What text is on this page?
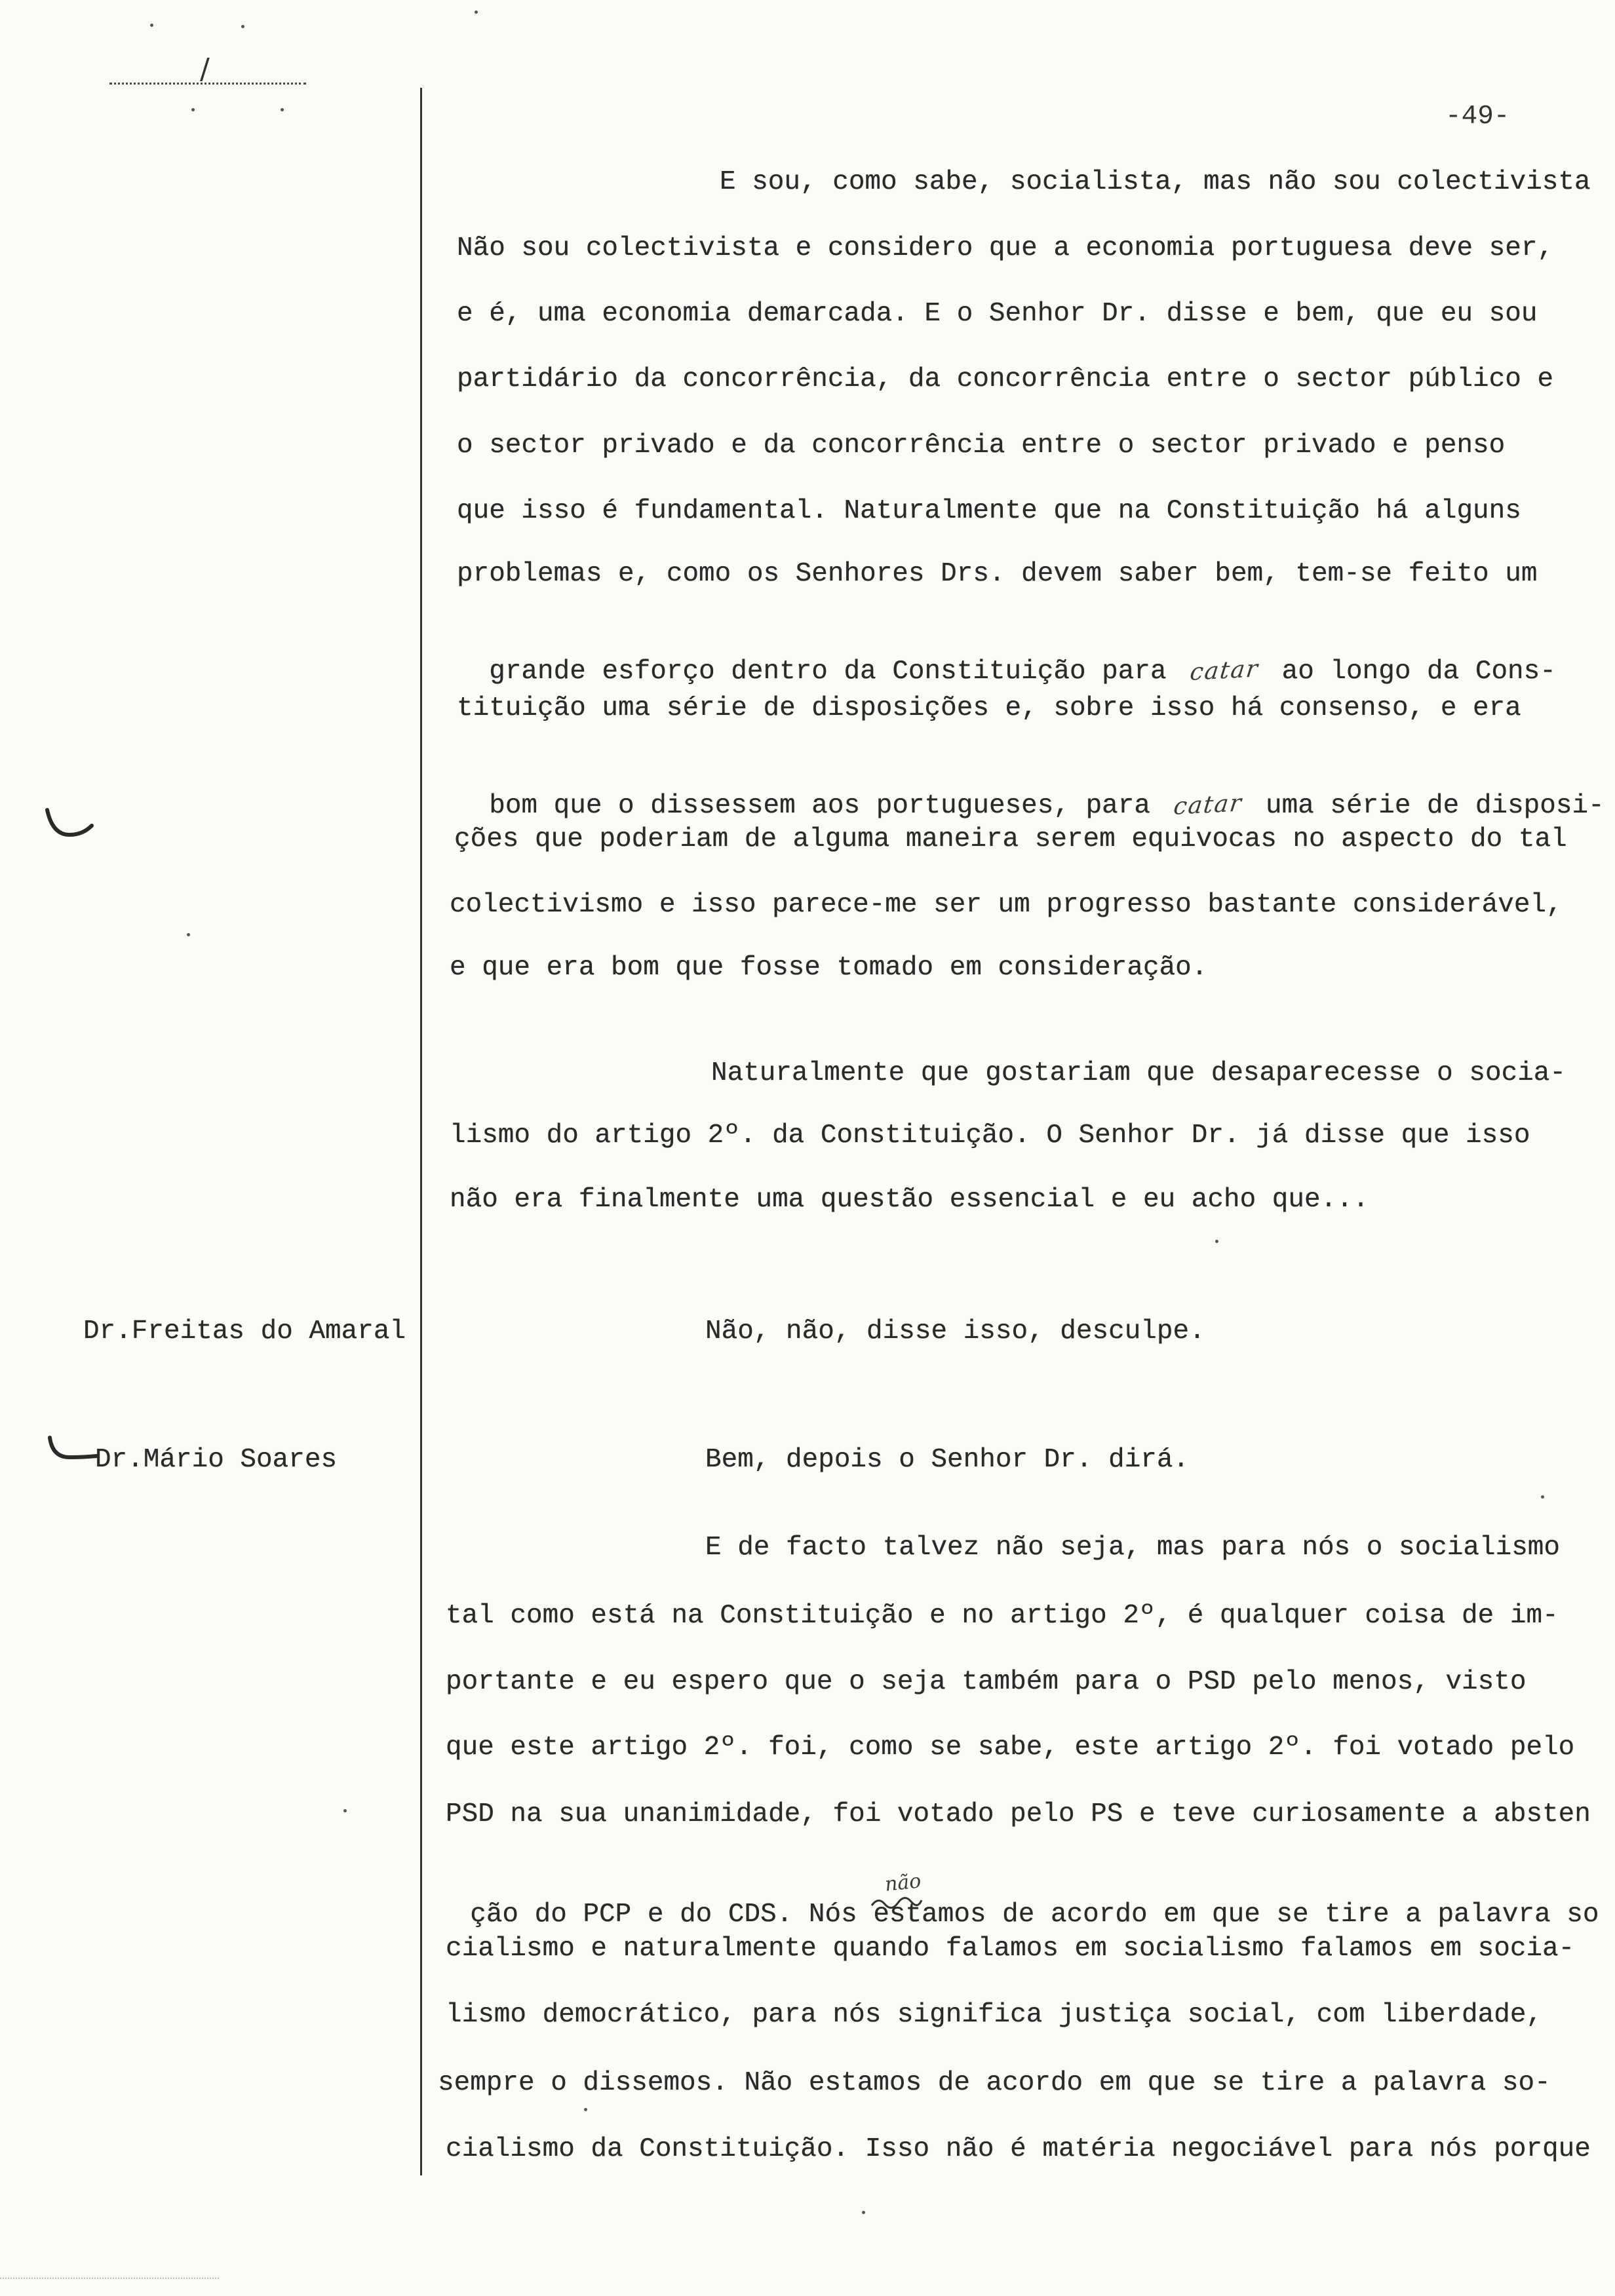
/
-49-
Dr.Freitas do Amaral
Dr.Mário Soares
E sou, como sabe, socialista, mas não sou colectivista
Não sou colectivista e considero que a economia portuguesa deve ser,
e é, uma economia demarcada. E o Senhor Dr. disse e bem, que eu sou
partidário da concorrência, da concorrência entre o sector público e
o sector privado e da concorrência entre o sector privado e penso
que isso é fundamental. Naturalmente que na Constituição há alguns
problemas e, como os Senhores Drs. devem saber bem, tem-se feito um

grande esforço dentro da Constituição para catar ao longo da Cons-

tituição uma série de disposições e, sobre isso há consenso, e era

bom que o dissessem aos portugueses, para catar uma série de disposi-

ções que poderiam de alguma maneira serem equivocas no aspecto do tal
colectivismo e isso parece-me ser um progresso bastante considerável,
e que era bom que fosse tomado em consideração.
Naturalmente que gostariam que desaparecesse o socia-
lismo do artigo 2º. da Constituição. O Senhor Dr. já disse que isso
não era finalmente uma questão essencial e eu acho que...
Não, não, disse isso, desculpe.
Bem, depois o Senhor Dr. dirá.
E de facto talvez não seja, mas para nós o socialismo
tal como está na Constituição e no artigo 2º, é qualquer coisa de im-
portante e eu espero que o seja também para o PSD pelo menos, visto
que este artigo 2º. foi, como se sabe, este artigo 2º. foi votado pelo
PSD na sua unanimidade, foi votado pelo PS e teve curiosamente a absten

ção do PCP e do CDS. Nós estamos
não
de acordo em que se tire a palavra so

cialismo e naturalmente quando falamos em socialismo falamos em socia-
lismo democrático, para nós significa justiça social, com liberdade,
sempre o dissemos. Não estamos de acordo em que se tire a palavra so-
cialismo da Constituição. Isso não é matéria negociável para nós porque
